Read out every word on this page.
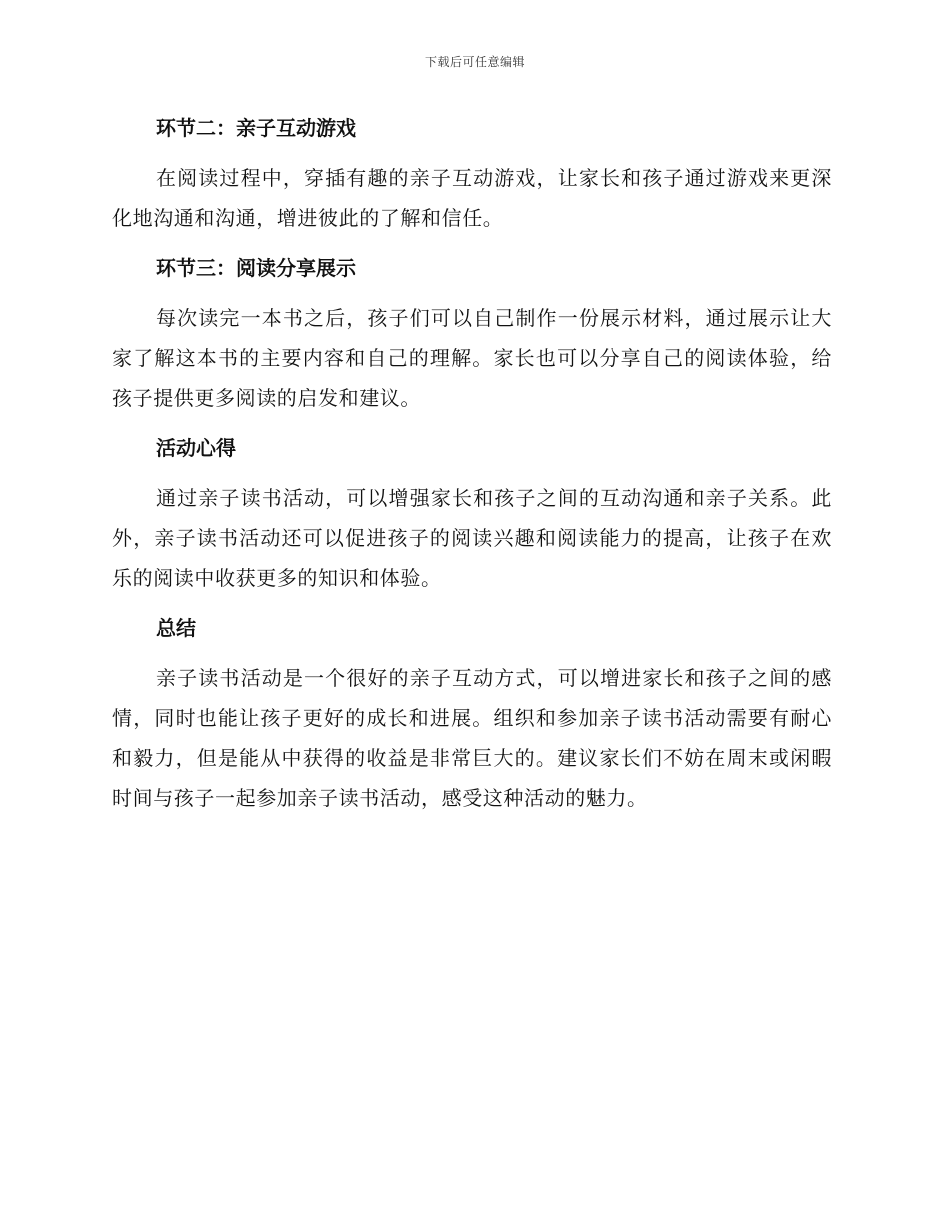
下载后可任意编辑
环节二：亲子互动游戏

在阅读过程中，穿插有趣的亲子互动游戏，让家长和孩子通过游戏来更深化地沟通和沟通，增进彼此的了解和信任。

环节三：阅读分享展示

每次读完一本书之后，孩子们可以自己制作一份展示材料，通过展示让大家了解这本书的主要内容和自己的理解。家长也可以分享自己的阅读体验，给孩子提供更多阅读的启发和建议。

活动心得

通过亲子读书活动，可以增强家长和孩子之间的互动沟通和亲子关系。此外，亲子读书活动还可以促进孩子的阅读兴趣和阅读能力的提高，让孩子在欢乐的阅读中收获更多的知识和体验。

总结

亲子读书活动是一个很好的亲子互动方式，可以增进家长和孩子之间的感情，同时也能让孩子更好的成长和进展。组织和参加亲子读书活动需要有耐心和毅力，但是能从中获得的收益是非常巨大的。建议家长们不妨在周末或闲暇时间与孩子一起参加亲子读书活动，感受这种活动的魅力。
